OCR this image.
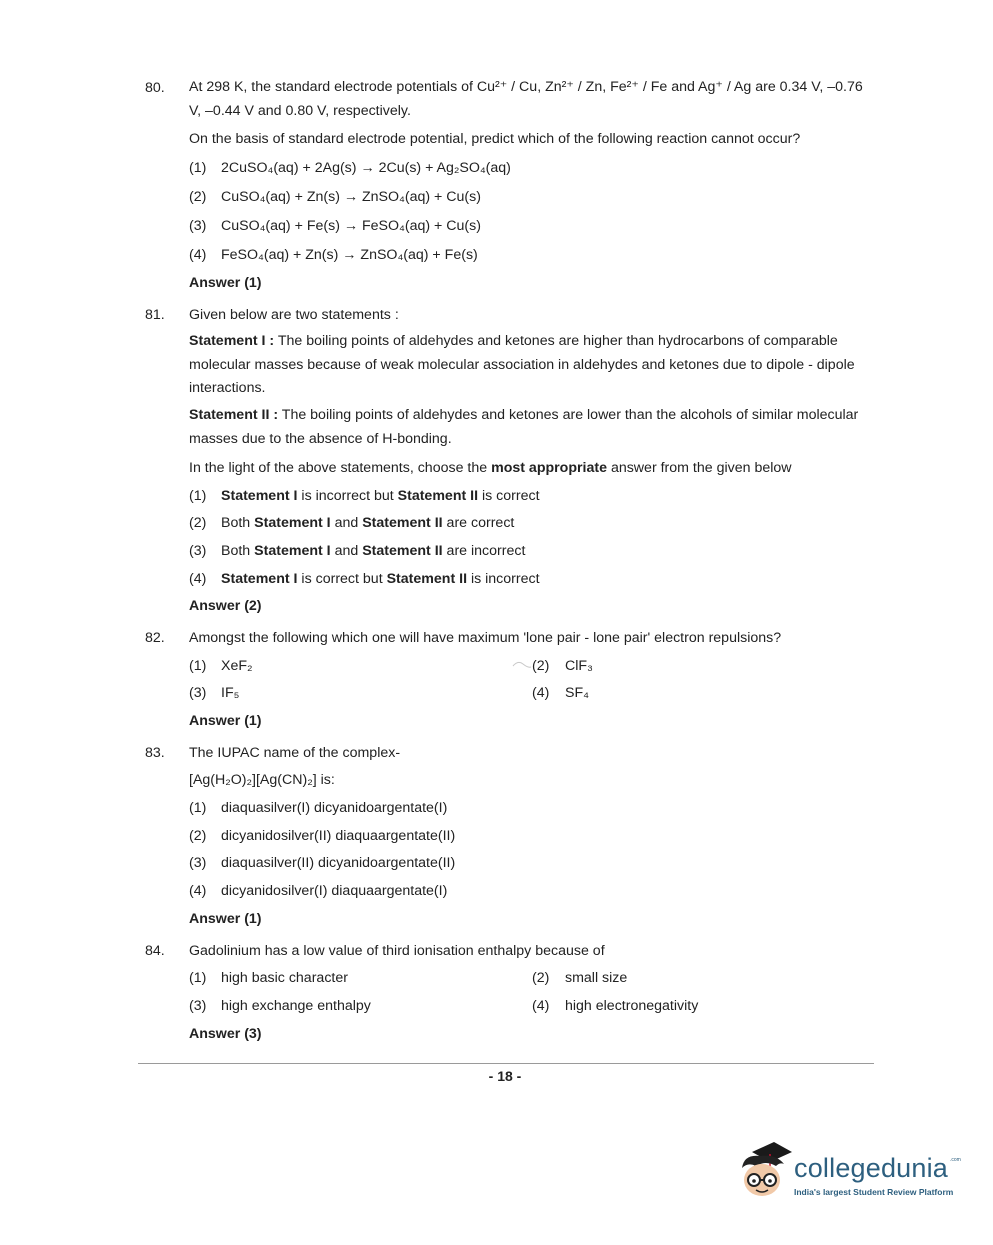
80. At 298 K, the standard electrode potentials of Cu²⁺ / Cu, Zn²⁺ / Zn, Fe²⁺ / Fe and Ag⁺ / Ag are 0.34 V, –0.76 V, –0.44 V and 0.80 V, respectively.
On the basis of standard electrode potential, predict which of the following reaction cannot occur?
(1) 2CuSO₄(aq) + 2Ag(s) → 2Cu(s) + Ag₂SO₄(aq)
(2) CuSO₄(aq) + Zn(s) → ZnSO₄(aq) + Cu(s)
(3) CuSO₄(aq) + Fe(s) → FeSO₄(aq) + Cu(s)
(4) FeSO₄(aq) + Zn(s) → ZnSO₄(aq) + Fe(s)
Answer (1)
81. Given below are two statements :
Statement I : The boiling points of aldehydes and ketones are higher than hydrocarbons of comparable molecular masses because of weak molecular association in aldehydes and ketones due to dipole - dipole interactions.
Statement II : The boiling points of aldehydes and ketones are lower than the alcohols of similar molecular masses due to the absence of H-bonding.
In the light of the above statements, choose the most appropriate answer from the given below
(1) Statement I is incorrect but Statement II is correct
(2) Both Statement I and Statement II are correct
(3) Both Statement I and Statement II are incorrect
(4) Statement I is correct but Statement II is incorrect
Answer (2)
82. Amongst the following which one will have maximum 'lone pair - lone pair' electron repulsions?
(1) XeF₂	(2) ClF₃
(3) IF₅	(4) SF₄
Answer (1)
83. The IUPAC name of the complex-
[Ag(H₂O)₂][Ag(CN)₂] is:
(1) diaquasilver(I) dicyanidoargentate(I)
(2) dicyanidosilver(II) diaquaargentate(II)
(3) diaquasilver(II) dicyanidoargentate(II)
(4) dicyanidosilver(I) diaquaargentate(I)
Answer (1)
84. Gadolinium has a low value of third ionisation enthalpy because of
(1) high basic character	(2) small size
(3) high exchange enthalpy	(4) high electronegativity
Answer (3)
- 18 -
collegedunia .com
India's largest Student Review Platform
